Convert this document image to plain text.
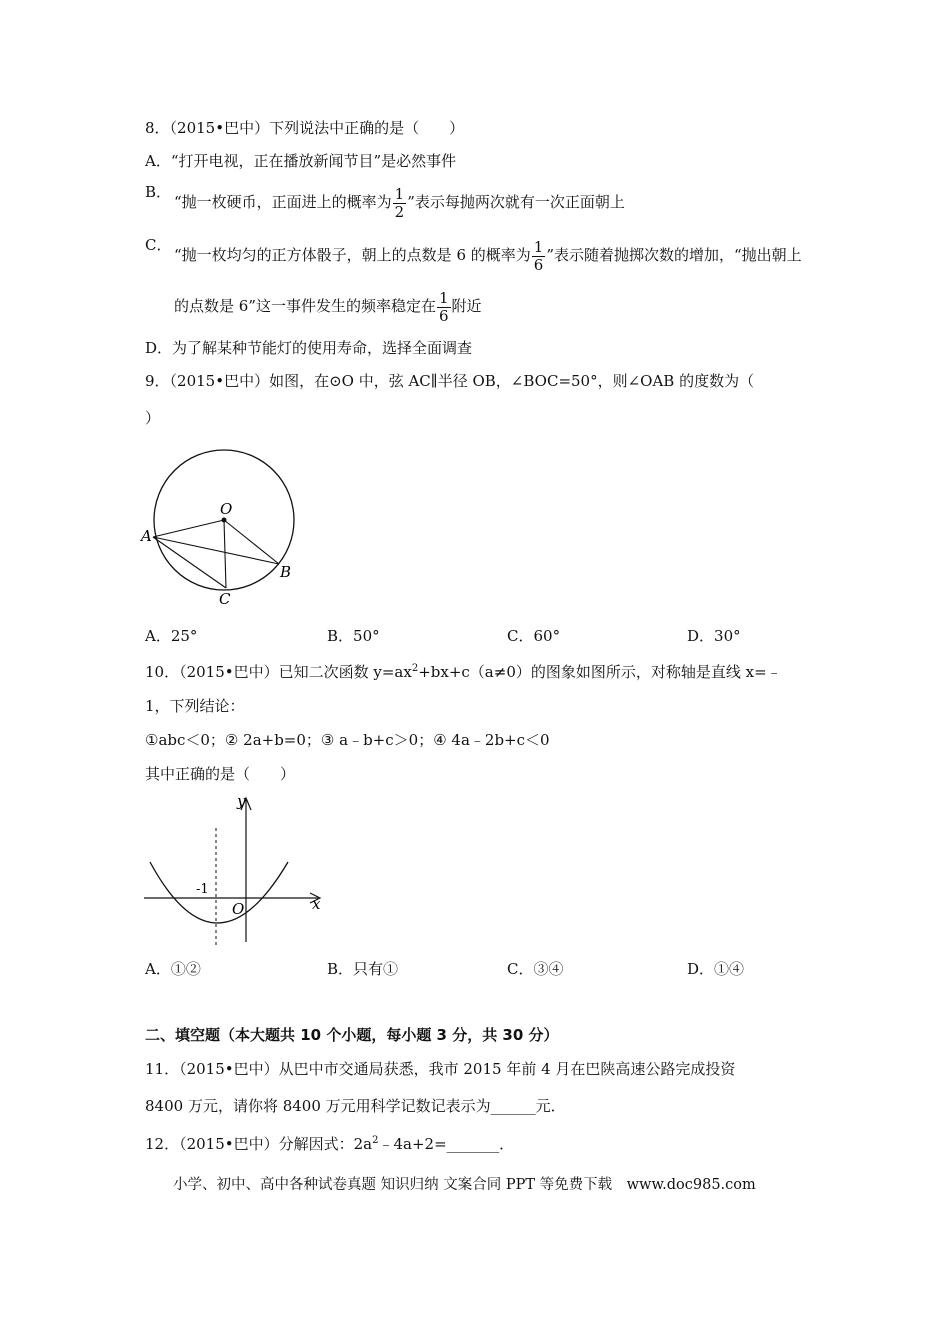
8．（2015•巴中）下列说法中正确的是（　　）
A．“打开电视，正在播放新闻节目”是必然事件
B．
“抛一枚硬币，正面进上的概率为 $\frac{1}{2}$ ”表示每抛两次就有一次正面朝上
C．
“抛一枚均匀的正方体骰子，朝上的点数是 6 的概率为 $\frac{1}{6}$ ”表示随着抛掷次数的增加，“抛出朝上
的点数是 6”这一事件发生的频率稳定在 $\frac{1}{6}$ 附近
D．为了解某种节能灯的使用寿命，选择全面调查
9．（2015•巴中）如图，在⊙O 中，弦 AC∥半径 OB，∠BOC=50°，则∠OAB 的度数为（
）
O
A
B
C
A．25°	B．50°	C．60°	D．30°
10．（2015•巴中）已知二次函数 $y=ax^2+bx+c(a\ne 0)$的图象如图所示，对称轴是直线 x=﹣
1，下列结论：
①abc＜0；② 2a+b=0；③ a﹣b+c＞0；④ 4a﹣2b+c＜0
其中正确的是（　　）
y
x
O
-1
A．①②	B．只有①	C．③④	D．①④
二、填空题（本大题共 10 个小题，每小题 3 分，共 30 分）
11．（2015•巴中）从巴中市交通局获悉，我市 2015 年前 4 月在巴陕高速公路完成投资
8400 万元，请你将 8400 万元用科学记数记表示为______元．
12．（2015•巴中）分解因式：$2a^2﹣4a+2=\_\_\_\_\_\_\_$．
小学、初中、高中各种试卷真题 知识归纳 文案合同 PPT 等免费下载　www.doc985.com
